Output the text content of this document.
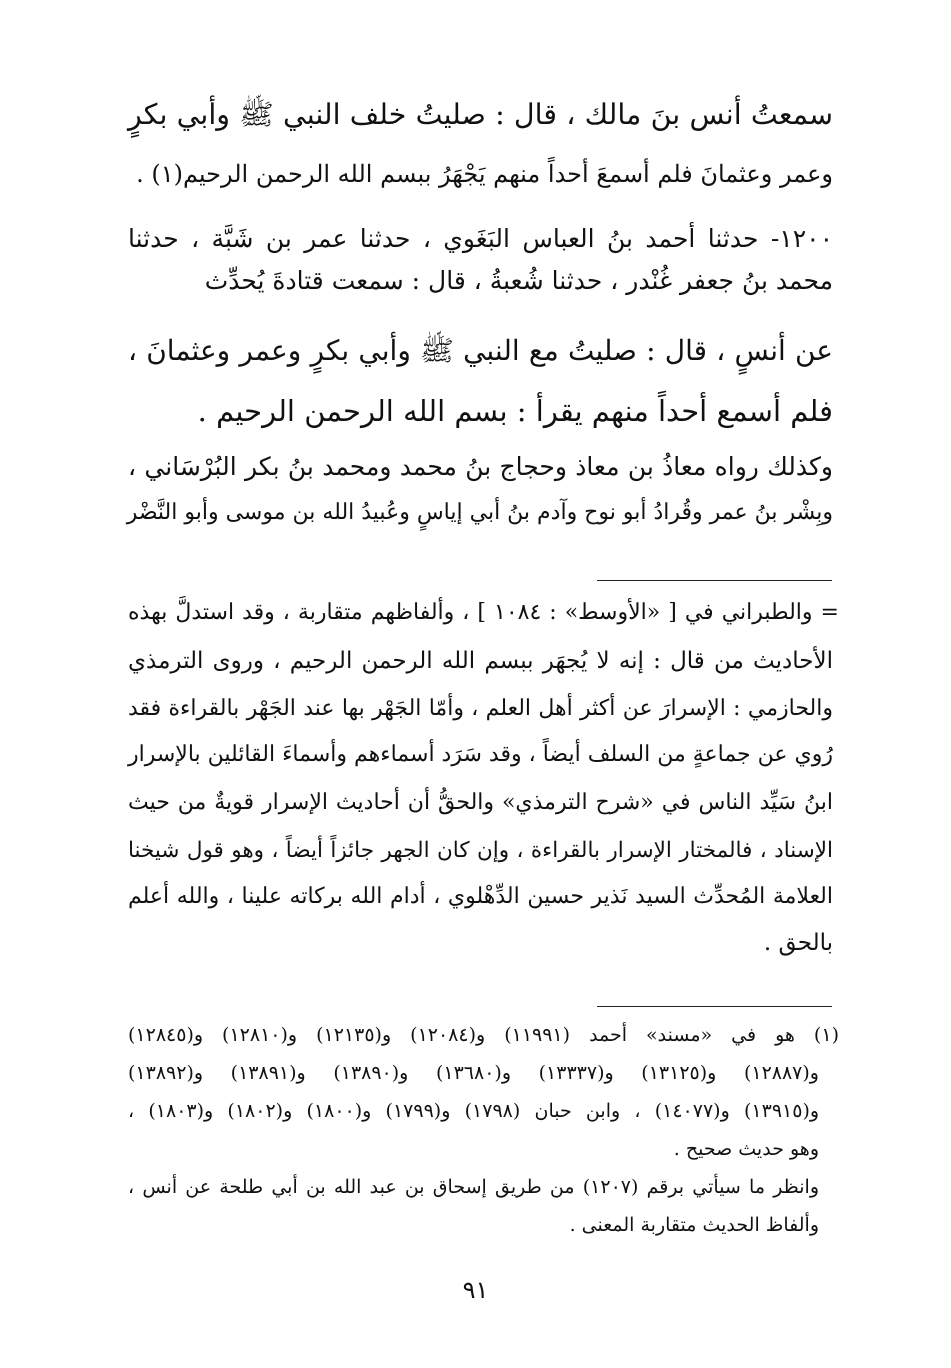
سمعتُ أنس بنَ مالك ، قال : صليتُ خلف النبي ﷺ وأبي بكرٍ
وعمر وعثمانَ فلم أسمعَ أحداً منهم يَجْهَرُ ببسم الله الرحمن الرحيم(١) .
١٢٠٠- حدثنا أحمد بنُ العباس البَغَوي ، حدثنا عمر بن شَبَّة ، حدثنا
محمد بنُ جعفر غُنْدر ، حدثنا شُعبةُ ، قال : سمعت قتادةَ يُحدِّث
عن أنسٍ ، قال : صليتُ مع النبي ﷺ وأبي بكرٍ وعمر وعثمانَ ،
فلم أسمع أحداً منهم يقرأ : بسم الله الرحمن الرحيم .
وكذلك رواه معاذُ بن معاذ وحجاج بنُ محمد ومحمد بنُ بكر البُرْسَاني ،
وبِشْر بنُ عمر وقُرادُ أبو نوح وآدم بنُ أبي إياسٍ وعُبيدُ الله بن موسى وأبو النَّضْر
= والطبراني في [ «الأوسط» : ١٠٨٤ ] ، وألفاظهم متقاربة ، وقد استدلَّ بهذه
الأحاديث من قال : إنه لا يُجهَر ببسم الله الرحمن الرحيم ، وروى الترمذي
والحازمي : الإسرارَ عن أكثر أهل العلم ، وأمّا الجَهْر بها عند الجَهْر بالقراءة فقد
رُوي عن جماعةٍ من السلف أيضاً ، وقد سَرَد أسماءهم وأسماءَ القائلين بالإسرار
ابنُ سَيِّد الناس في «شرح الترمذي» والحقُّ أن أحاديث الإسرار قويةٌ من حيث
الإسناد ، فالمختار الإسرار بالقراءة ، وإن كان الجهر جائزاً أيضاً ، وهو قول شيخنا
العلامة المُحدِّث السيد نَذير حسين الدِّهْلوي ، أدام الله بركاته علينا ، والله أعلم
بالحق .
(١) هو في «مسند» أحمد (١١٩٩١) و(١٢٠٨٤) و(١٢١٣٥) و(١٢٨١٠) و(١٢٨٤٥)
و(١٢٨٨٧) و(١٣١٢٥) و(١٣٣٣٧) و(١٣٦٨٠) و(١٣٨٩٠) و(١٣٨٩١) و(١٣٨٩٢)
و(١٣٩١٥) و(١٤٠٧٧) ، وابن حبان (١٧٩٨) و(١٧٩٩) و(١٨٠٠) و(١٨٠٢) و(١٨٠٣) ،
وهو حديث صحيح .
وانظر ما سيأتي برقم (١٢٠٧) من طريق إسحاق بن عبد الله بن أبي طلحة عن أنس ،
وألفاظ الحديث متقاربة المعنى .
٩١
